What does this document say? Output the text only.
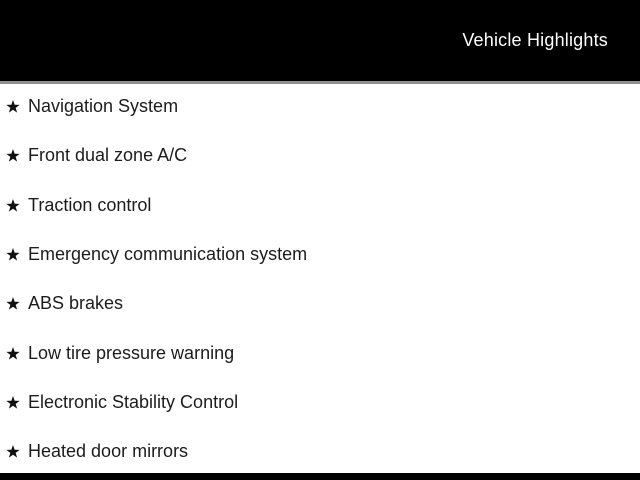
Vehicle Highlights
Navigation System
Front dual zone A/C
Traction control
Emergency communication system
ABS brakes
Low tire pressure warning
Electronic Stability Control
Heated door mirrors
